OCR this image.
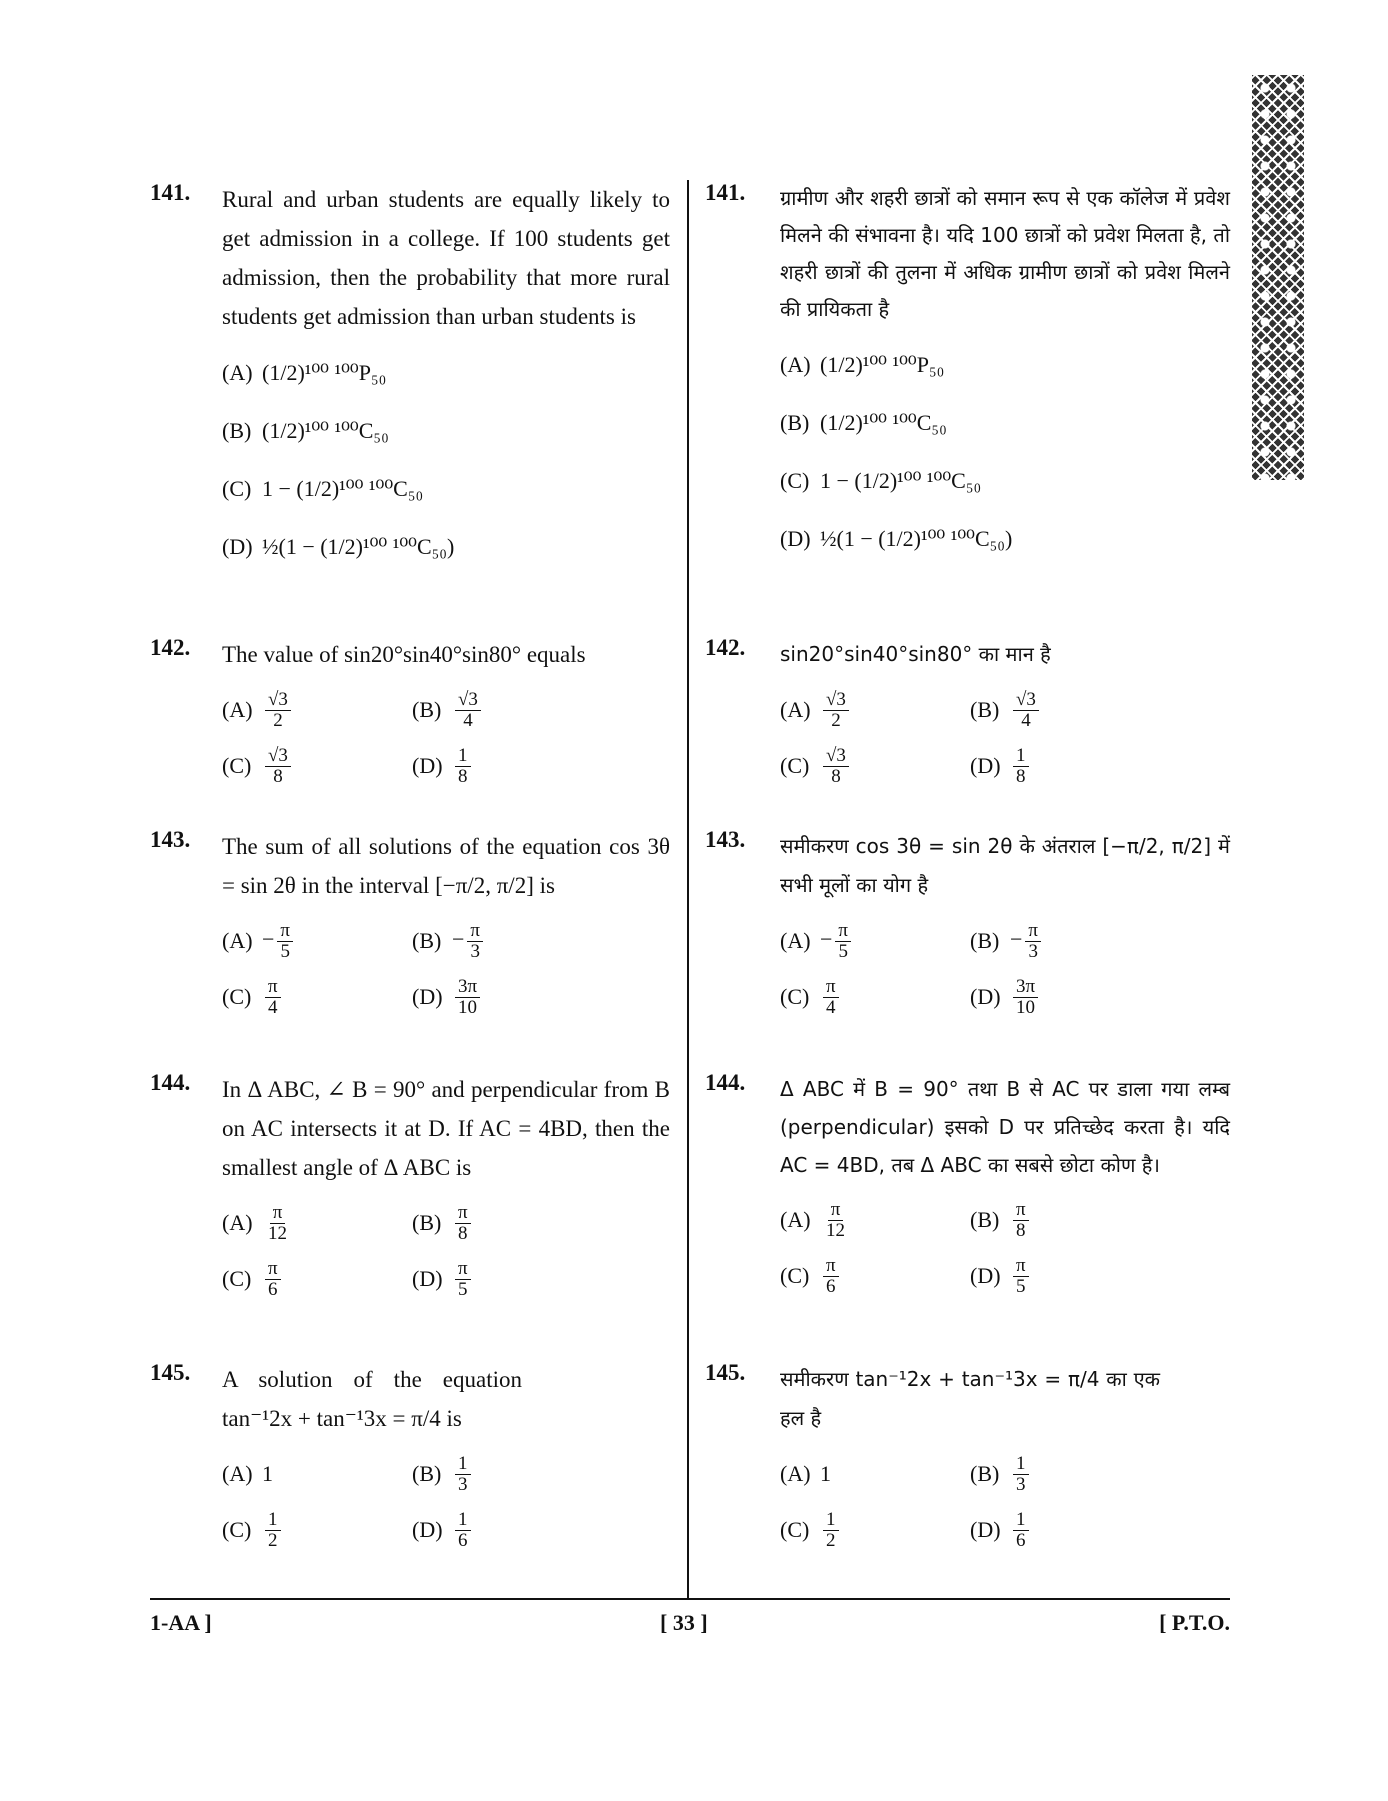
141. Rural and urban students are equally likely to get admission in a college. If 100 students get admission, then the probability that more rural students get admission than urban students is
(A) (1/2)¹⁰⁰ ¹⁰⁰P₅₀
(B) (1/2)¹⁰⁰ ¹⁰⁰C₅₀
(C) 1 − (1/2)¹⁰⁰ ¹⁰⁰C₅₀
(D) ½(1 − (1/2)¹⁰⁰ ¹⁰⁰C₅₀)
142. The value of sin20°sin40°sin80° equals
$(A) \frac{√3}{2}$	$(B) \frac{√3}{4}$
$(C) \frac{√3}{8}$	$(D) \frac{1}{8}$
143. The sum of all solutions of the equation cos 3θ = sin 2θ in the interval [−π/2, π/2] is
$(A) - \frac{\pi}{5}$	$(B) - \frac{\pi}{3}$
$(C) \frac{\pi}{4}$	$(D) \frac{3\pi}{10}$
144. In Δ ABC, ∠ B = 90° and perpendicular from B on AC intersects it at D. If AC = 4BD, then the smallest angle of Δ ABC is
$(A) \frac{\pi}{12}$	$(B) \frac{\pi}{8}$
$(C) \frac{\pi}{6}$	$(D) \frac{\pi}{5}$
145. A solution of the equation tan⁻¹2x + tan⁻¹3x = π/4 is
(A) 1	$(B) \frac{1}{3}$
$(C) \frac{1}{2}$	$(D) \frac{1}{6}$
141. ग्रामीण और शहरी छात्रों को समान रूप से एक कॉलेज में प्रवेश मिलने की संभावना है। यदि 100 छात्रों को प्रवेश मिलता है, तो शहरी छात्रों की तुलना में अधिक ग्रामीण छात्रों को प्रवेश मिलने की प्रायिकता है
(A) (1/2)¹⁰⁰ ¹⁰⁰P₅₀
(B) (1/2)¹⁰⁰ ¹⁰⁰C₅₀
(C) 1 − (1/2)¹⁰⁰ ¹⁰⁰C₅₀
(D) ½(1 − (1/2)¹⁰⁰ ¹⁰⁰C₅₀)
142. sin20°sin40°sin80° का मान है
$(A) \frac{√3}{2}$	$(B) \frac{√3}{4}$
$(C) \frac{√3}{8}$	$(D) \frac{1}{8}$
143. समीकरण cos 3θ = sin 2θ के अंतराल [−π/2, π/2] में सभी मूलों का योग है
$(A) - \frac{\pi}{5}$	$(B) - \frac{\pi}{3}$
$(C) \frac{\pi}{4}$	$(D) \frac{3\pi}{10}$
144. Δ ABC में B = 90° तथा B से AC पर डाला गया लम्ब (perpendicular) इसको D पर प्रतिच्छेद करता है। यदि AC = 4BD, तब Δ ABC का सबसे छोटा कोण है।
$(A) \frac{\pi}{12}$	$(B) \frac{\pi}{8}$
$(C) \frac{\pi}{6}$	$(D) \frac{\pi}{5}$
145. समीकरण tan⁻¹2x + tan⁻¹3x = π/4 का एक हल है
(A) 1	$(B) \frac{1}{3}$
$(C) \frac{1}{2}$	$(D) \frac{1}{6}$
1-AA ]	[ 33 ]	[ P.T.O.
